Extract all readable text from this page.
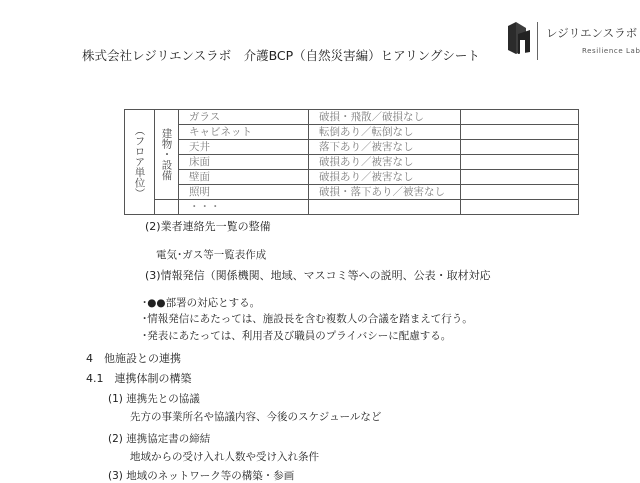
株式会社レジリエンスラボ　介護BCP（自然災害編）ヒアリングシート
レジリエンスラボ
Resilience Lab
（フロア単位）	建物・設備	ガラス	破損・飛散／破損なし	
		キャビネット	転倒あり／転倒なし	
		天井	落下あり／被害なし	
		床面	破損あり／被害なし	
		壁面	破損あり／被害なし	
		照明	破損・落下あり／被害なし	
		・・・		
(2)業者連絡先一覧の整備
電気･ガス等一覧表作成
(3)情報発信（関係機関、地域、マスコミ等への説明、公表・取材対応
･●●部署の対応とする。
･情報発信にあたっては、施設長を含む複数人の合議を踏まえて行う。
･発表にあたっては、利用者及び職員のプライバシーに配慮する。
4　他施設との連携
4.1　連携体制の構築
(1) 連携先との協議
先方の事業所名や協議内容、今後のスケジュールなど
(2) 連携協定書の締結
地域からの受け入れ人数や受け入れ条件
(3) 地域のネットワーク等の構築・参画
